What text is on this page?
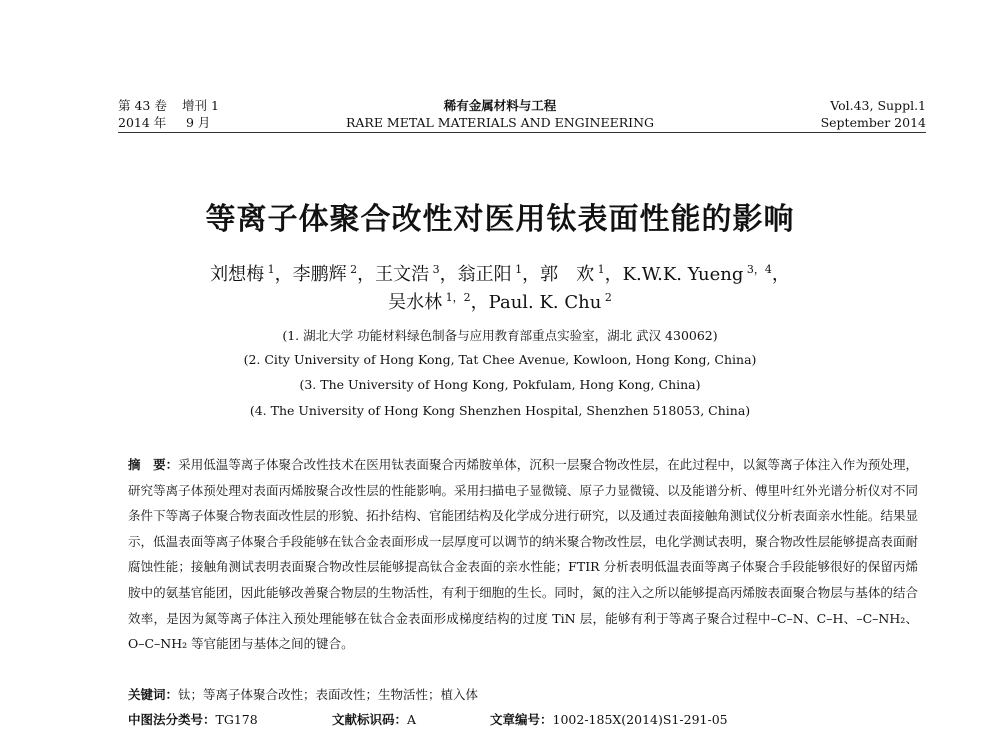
第 43 卷 增刊 1
2014 年 9 月
稀有金属材料与工程
RARE METAL MATERIALS AND ENGINEERING
Vol.43, Suppl.1
September 2014
等离子体聚合改性对医用钛表面性能的影响
刘想梅 $^1$，李鹏辉 $^2$，王文浩 $^3$，翁正阳 $^1$，郭　欢 $^1$，K.W.K. Yueng $^{3,4}$，
吴水林 $^{1,2}$，Paul. K. Chu $^2$
(1. 湖北大学 功能材料绿色制备与应用教育部重点实验室，湖北 武汉 430062)
(2. City University of Hong Kong, Tat Chee Avenue, Kowloon, Hong Kong, China)
(3. The University of Hong Kong, Pokfulam, Hong Kong, China)
(4. The University of Hong Kong Shenzhen Hospital, Shenzhen 518053, China)
摘　要：采用低温等离子体聚合改性技术在医用钛表面聚合丙烯胺单体，沉积一层聚合物改性层，在此过程中，以氮等离子体注入作为预处理，研究等离子体预处理对表面丙烯胺聚合改性层的性能影响。采用扫描电子显微镜、原子力显微镜、以及能谱分析、傅里叶红外光谱分析仪对不同条件下等离子体聚合物表面改性层的形貌、拓扑结构、官能团结构及化学成分进行研究，以及通过表面接触角测试仪分析表面亲水性能。结果显示，低温表面等离子体聚合手段能够在钛合金表面形成一层厚度可以调节的纳米聚合物改性层，电化学测试表明，聚合物改性层能够提高表面耐腐蚀性能；接触角测试表明表面聚合物改性层能够提高钛合金表面的亲水性能；FTIR 分析表明低温表面等离子体聚合手段能够很好的保留丙烯胺中的氨基官能团，因此能够改善聚合物层的生物活性，有利于细胞的生长。同时，氮的注入之所以能够提高丙烯胺表面聚合物层与基体的结合效率，是因为氮等离子体注入预处理能够在钛合金表面形成梯度结构的过度 TiN 层，能够有利于等离子聚合过程中–C–N、C–H、–C–NH₂、 O–C–NH₂ 等官能团与基体之间的键合。
关键词：钛；等离子体聚合改性；表面改性；生物活性；植入体
中图法分类号：TG178	文献标识码：A	文章编号：1002-185X(2014)S1-291-05
